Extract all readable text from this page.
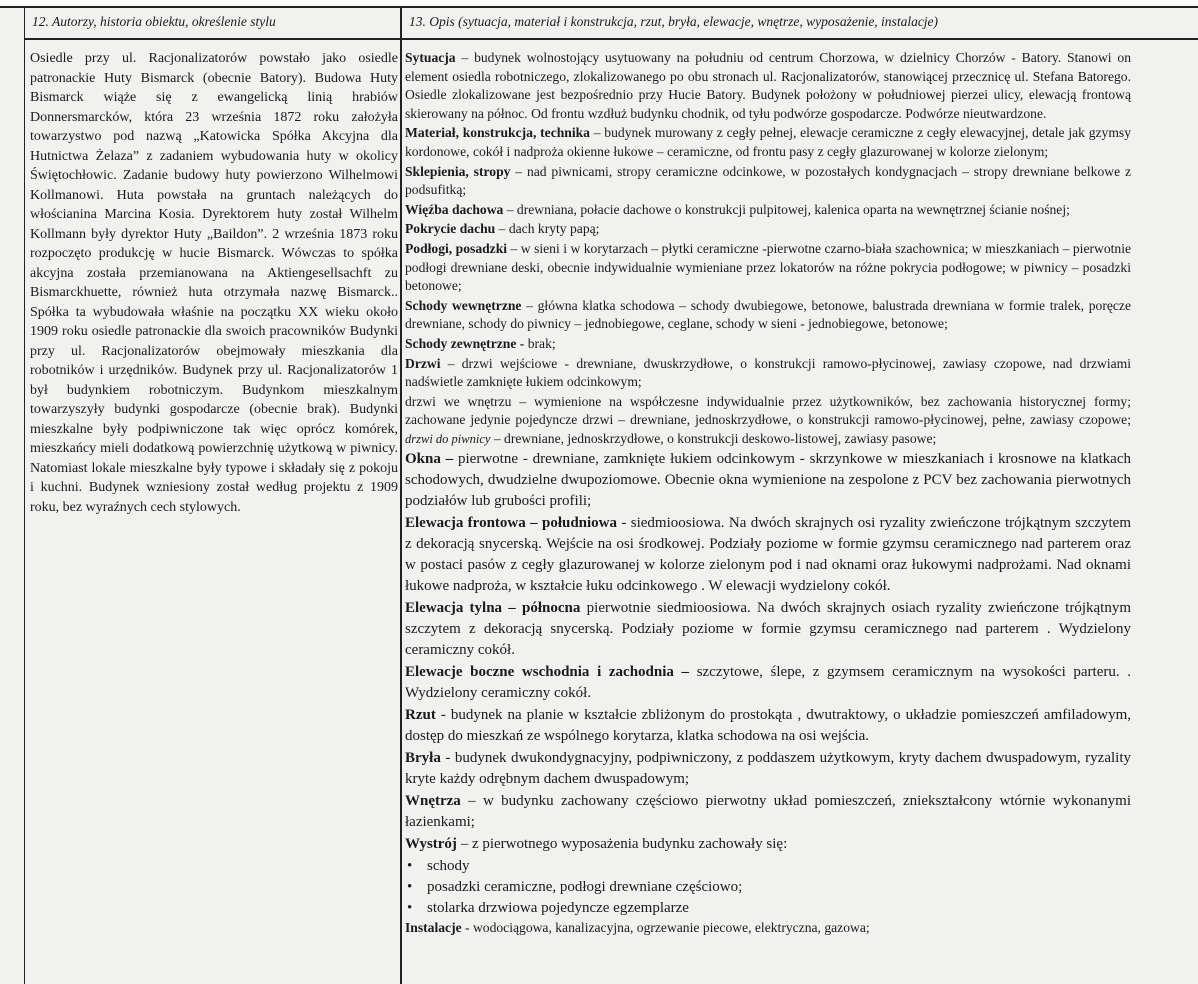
12. Autorzy, historia obiektu, określenie stylu	13. Opis (sytuacja, materiał i konstrukcja, rzut, bryła, elewacje, wnętrze, wyposażenie, instalacje)
Osiedle przy ul. Racjonalizatorów powstało jako osiedle patronackie Huty Bismarck (obecnie Batory). Budowa Huty Bismarck wiąże się z ewangelicką linią hrabiów Donnersmarcków, która 23 września 1872 roku założyła towarzystwo pod nazwą „Katowicka Spółka Akcyjna dla Hutnictwa Żelaza” z zadaniem wybudowania huty w okolicy Świętochłowic. Zadanie budowy huty powierzono Wilhelmowi Kollmanowi. Huta powstała na gruntach należących do włościanina Marcina Kosia. Dyrektorem huty został Wilhelm Kollmann były dyrektor Huty „Baildon”. 2 września 1873 roku rozpoczęto produkcję w hucie Bismarck. Wówczas to spółka akcyjna została przemianowana na Aktiengesellsachft zu Bismarckhuette, również huta otrzymała nazwę Bismarck.. Spółka ta wybudowała właśnie na początku XX wieku około 1909 roku osiedle patronackie dla swoich pracowników Budynki przy ul. Racjonalizatorów obejmowały mieszkania dla robotników i urzędników. Budynek przy ul. Racjonalizatorów 1 był budynkiem robotniczym. Budynkom mieszkalnym towarzyszyły budynki gospodarcze (obecnie brak). Budynki mieszkalne były podpiwniczone tak więc oprócz komórek, mieszkańcy mieli dodatkową powierzchnię użytkową w piwnicy. Natomiast lokale mieszkalne były typowe i składały się z pokoju i kuchni. Budynek wzniesiony został według projektu z 1909 roku, bez wyraźnych cech stylowych.

Sytuacja – budynek wolnostojący usytuowany na południu od centrum Chorzowa, w dzielnicy Chorzów - Batory. Stanowi on element osiedla robotniczego, zlokalizowanego po obu stronach ul. Racjonalizatorów, stanowiącej przecznicę ul. Stefana Batorego. Osiedle zlokalizowane jest bezpośrednio przy Hucie Batory. Budynek położony w południowej pierzei ulicy, elewacją frontową skierowany na północ. Od frontu wzdłuż budynku chodnik, od tyłu podwórze gospodarcze. Podwórze nieutwardzone.

Materiał, konstrukcja, technika – budynek murowany z cegły pełnej, elewacje ceramiczne z cegły elewacyjnej, detale jak gzymsy kordonowe, cokół i nadproża okienne łukowe – ceramiczne, od frontu pasy z cegły glazurowanej w kolorze zielonym;

Sklepienia, stropy – nad piwnicami, stropy ceramiczne odcinkowe, w pozostałych kondygnacjach – stropy drewniane belkowe z podsufitką;

Więźba dachowa – drewniana, połacie dachowe o konstrukcji pulpitowej, kalenica oparta na wewnętrznej ścianie nośnej;

Pokrycie dachu – dach kryty papą;

Podłogi, posadzki – w sieni i w korytarzach – płytki ceramiczne -pierwotne czarno-biała szachownica; w mieszkaniach – pierwotnie podłogi drewniane deski, obecnie indywidualnie wymieniane przez lokatorów na różne pokrycia podłogowe; w piwnicy – posadzki betonowe;

Schody wewnętrzne – główna klatka schodowa – schody dwubiegowe, betonowe, balustrada drewniana w formie tralek, poręcze drewniane, schody do piwnicy – jednobiegowe, ceglane, schody w sieni - jednobiegowe, betonowe;

Schody zewnętrzne - brak;

Drzwi – drzwi wejściowe - drewniane, dwuskrzydłowe, o konstrukcji ramowo-płycinowej, zawiasy czopowe, nad drzwiami nadświetle zamknięte łukiem odcinkowym;

drzwi we wnętrzu – wymienione na współczesne indywidualnie przez użytkowników, bez zachowania historycznej formy; zachowane jedynie pojedyncze drzwi – drewniane, jednoskrzydłowe, o konstrukcji ramowo-płycinowej, pełne, zawiasy czopowe; drzwi do piwnicy – drewniane, jednoskrzydłowe, o konstrukcji deskowo-listowej, zawiasy pasowe;

Okna – pierwotne - drewniane, zamknięte łukiem odcinkowym - skrzynkowe w mieszkaniach i krosnowe na klatkach schodowych, dwudzielne dwupoziomowe. Obecnie okna wymienione na zespolone z PCV bez zachowania pierwotnych podziałów lub grubości profili;

Elewacja frontowa – południowa - siedmioosiowa. Na dwóch skrajnych osi ryzality zwieńczone trójkątnym szczytem z dekoracją snycerską. Wejście na osi środkowej. Podziały poziome w formie gzymsu ceramicznego nad parterem oraz w postaci pasów z cegły glazurowanej w kolorze zielonym pod i nad oknami oraz łukowymi nadprożami. Nad oknami łukowe nadproża, w kształcie łuku odcinkowego . W elewacji wydzielony cokół.

Elewacja tylna – północna pierwotnie siedmioosiowa. Na dwóch skrajnych osiach ryzality zwieńczone trójkątnym szczytem z dekoracją snycerską. Podziały poziome w formie gzymsu ceramicznego nad parterem . Wydzielony ceramiczny cokół.

Elewacje boczne wschodnia i zachodnia – szczytowe, ślepe, z gzymsem ceramicznym na wysokości parteru. . Wydzielony ceramiczny cokół.

Rzut - budynek na planie w kształcie zbliżonym do prostokąta , dwutraktowy, o układzie pomieszczeń amfiladowym, dostęp do mieszkań ze wspólnego korytarza, klatka schodowa na osi wejścia.

Bryła - budynek dwukondygnacyjny, podpiwniczony, z poddaszem użytkowym, kryty dachem dwuspadowym, ryzality kryte każdy odrębnym dachem dwuspadowym;

Wnętrza – w budynku zachowany częściowo pierwotny układ pomieszczeń, zniekształcony wtórnie wykonanymi łazienkami;

Wystrój – z pierwotnego wyposażenia budynku zachowały się:

• schody
• posadzki ceramiczne, podłogi drewniane częściowo;
• stolarka drzwiowa pojedyncze egzemplarze

Instalacje - wodociągowa, kanalizacyjna, ogrzewanie piecowe, elektryczna, gazowa;
